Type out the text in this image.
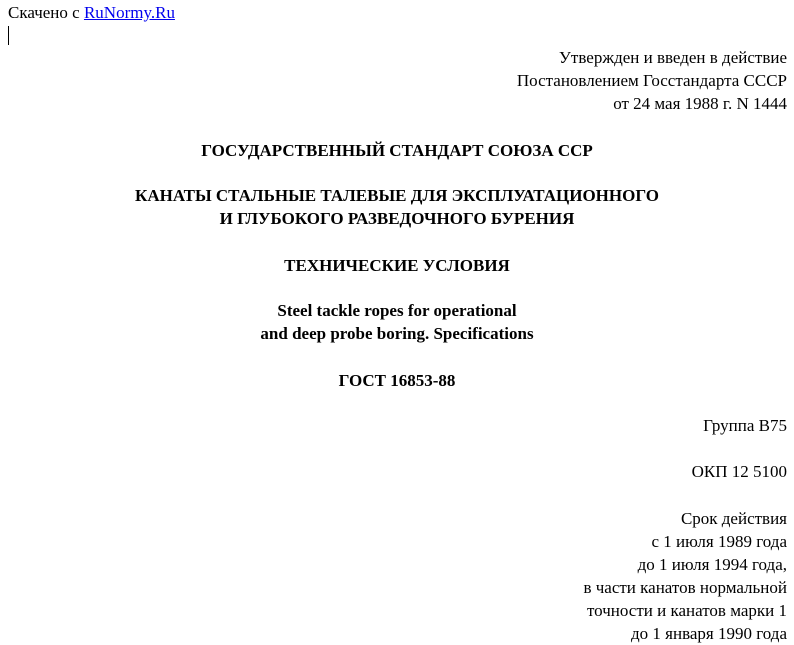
Скачено с RuNormy.Ru
Утвержден и введен в действие
Постановлением Госстандарта СССР
от 24 мая 1988 г. N 1444
ГОСУДАРСТВЕННЫЙ СТАНДАРТ СОЮЗА ССР
КАНАТЫ СТАЛЬНЫЕ ТАЛЕВЫЕ ДЛЯ ЭКСПЛУАТАЦИОННОГО
И ГЛУБОКОГО РАЗВЕДОЧНОГО БУРЕНИЯ
ТЕХНИЧЕСКИЕ УСЛОВИЯ
Steel tackle ropes for operational
and deep probe boring. Specifications
ГОСТ 16853-88
Группа В75
ОКП 12 5100
Срок действия
с 1 июля 1989 года
до 1 июля 1994 года,
в части канатов нормальной
точности и канатов марки 1
до 1 января 1990 года
